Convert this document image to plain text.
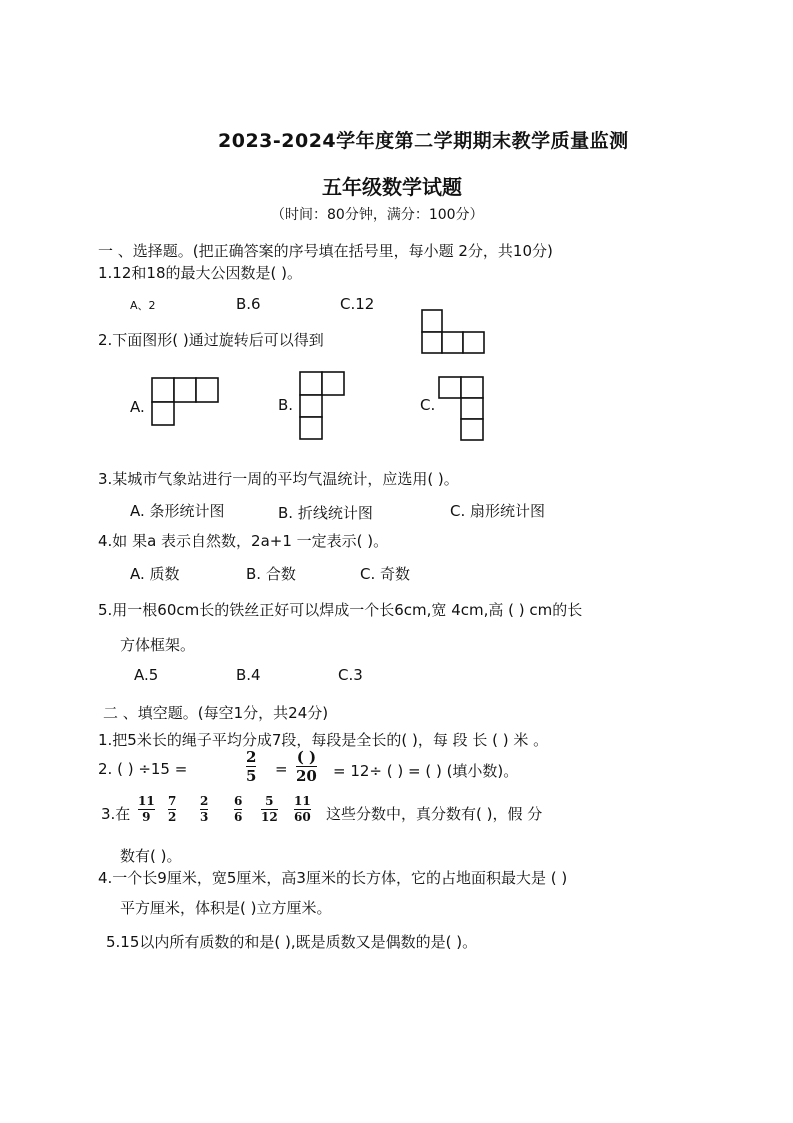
2023-2024学年度第二学期期末教学质量监测
五年级数学试题
（时间：80分钟，满分：100分）
一 、选择题。(把正确答案的序号填在括号里，每小题 2分，共10分)
1.12和18的最大公因数是( )。
A、2	B.6	C.12
2.下面图形( )通过旋转后可以得到
A.	B.	C.
3.某城市气象站进行一周的平均气温统计，应选用( )。
A. 条形统计图	B. 折线统计图	C. 扇形统计图
4.如 果a 表示自然数，2a+1 一定表示( )。
A. 质数	B. 合数	C. 奇数
5.用一根60cm长的铁丝正好可以焊成一个长6cm,宽 4cm,高 ( ) cm的长
方体框架。
A.5	B.4	C.3
二 、填空题。(每空1分，共24分)
1.把5米长的绳子平均分成7段，每段是全长的( )，每 段 长 ( ) 米 。
2. ( ) ÷15 =
2
5 =
( )
20 = 12÷ ( ) = ( ) (填小数)。
3.在
11
9
7
2
2
3
6
6
5
12
11
60 这些分数中，真分数有( )，假 分
数有( )。
4.一个长9厘米，宽5厘米，高3厘米的长方体，它的占地面积最大是 ( )
平方厘米，体积是( )立方厘米。
5.15以内所有质数的和是( ),既是质数又是偶数的是( )。
